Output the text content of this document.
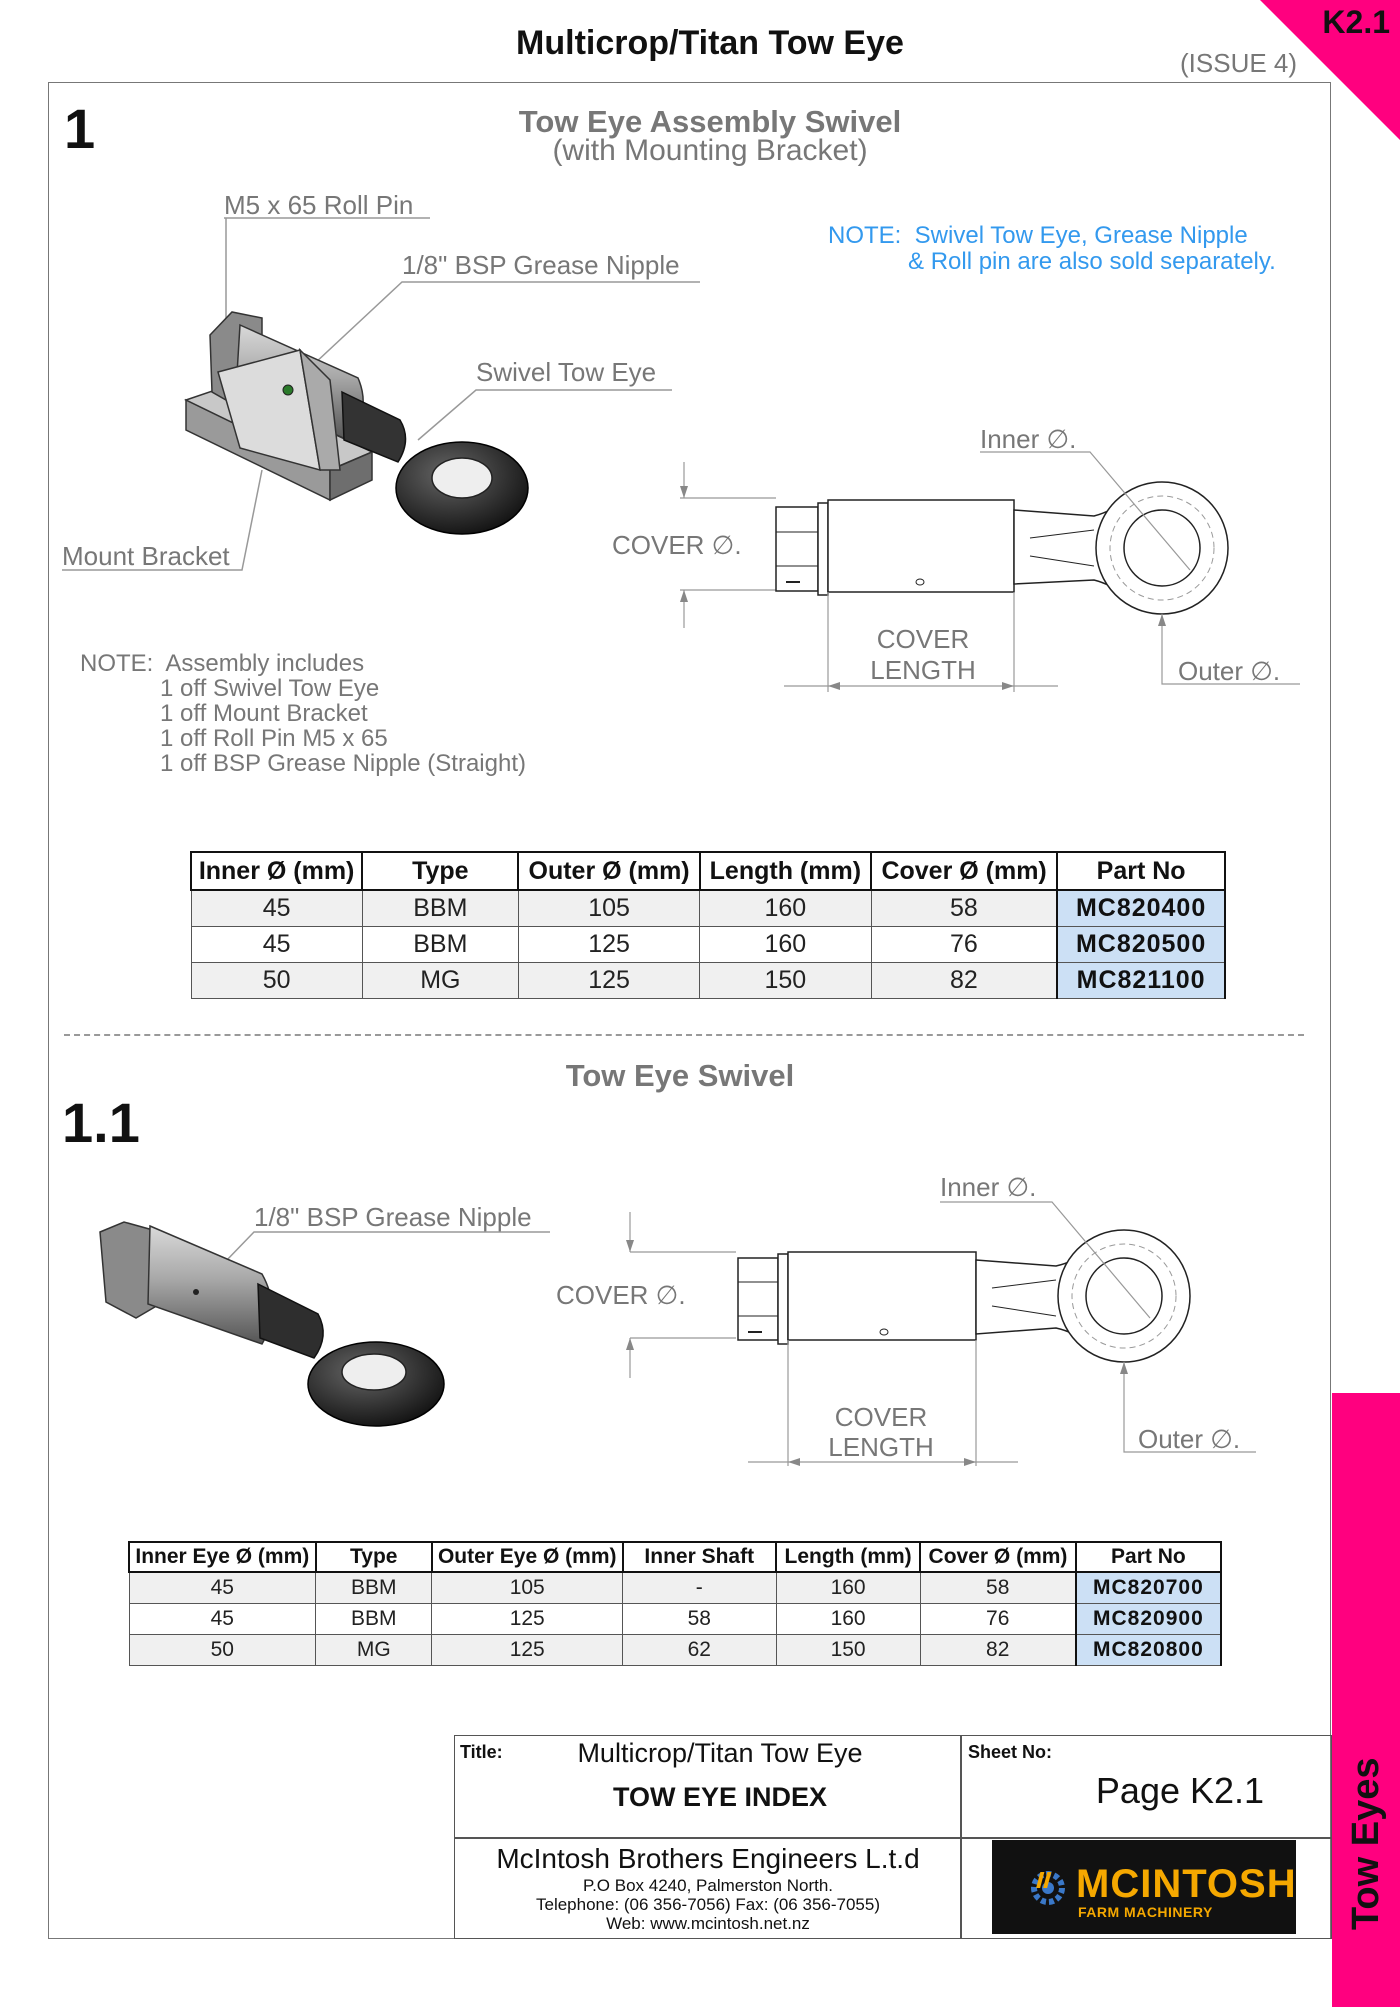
K2.1
Multicrop/Titan Tow Eye
(ISSUE 4)
Tow Eyes
1	Tow Eye Assembly Swivel
(with Mounting Bracket)
M5 x 65 Roll Pin
1/8" BSP Grease Nipple
Swivel Tow Eye
Mount Bracket
NOTE:  Swivel Tow Eye, Grease Nipple
& Roll pin are also sold separately.
NOTE:  Assembly includes
1 off Swivel Tow Eye
1 off Mount Bracket
1 off Roll Pin M5 x 65
1 off BSP Grease Nipple (Straight)
Inner ∅.
COVER ∅.
COVER
LENGTH	Outer ∅.
Inner Ø (mm)	Type	Outer Ø (mm)	Length (mm)	Cover Ø (mm)	Part No
45	BBM	105	160	58	MC820400
45	BBM	125	160	76	MC820500
50	MG	125	150	82	MC821100
Tow Eye Swivel
1.1
1/8" BSP Grease Nipple
Inner ∅.
COVER ∅.
COVER
LENGTH	Outer ∅.
Inner Eye Ø (mm)	Type	Outer Eye Ø (mm)	Inner Shaft	Length (mm)	Cover Ø (mm)	Part No
45	BBM	105	-	160	58	MC820700
45	BBM	125	58	160	76	MC820900
50	MG	125	62	150	82	MC820800
Title:	Multicrop/Titan Tow Eye
TOW EYE INDEX
Sheet No:
Page K2.1
McIntosh Brothers Engineers L.t.d
P.O Box 4240, Palmerston North.
Telephone: (06 356-7056) Fax: (06 356-7055)
Web: www.mcintosh.net.nz
MCINTOSH
FARM MACHINERY
